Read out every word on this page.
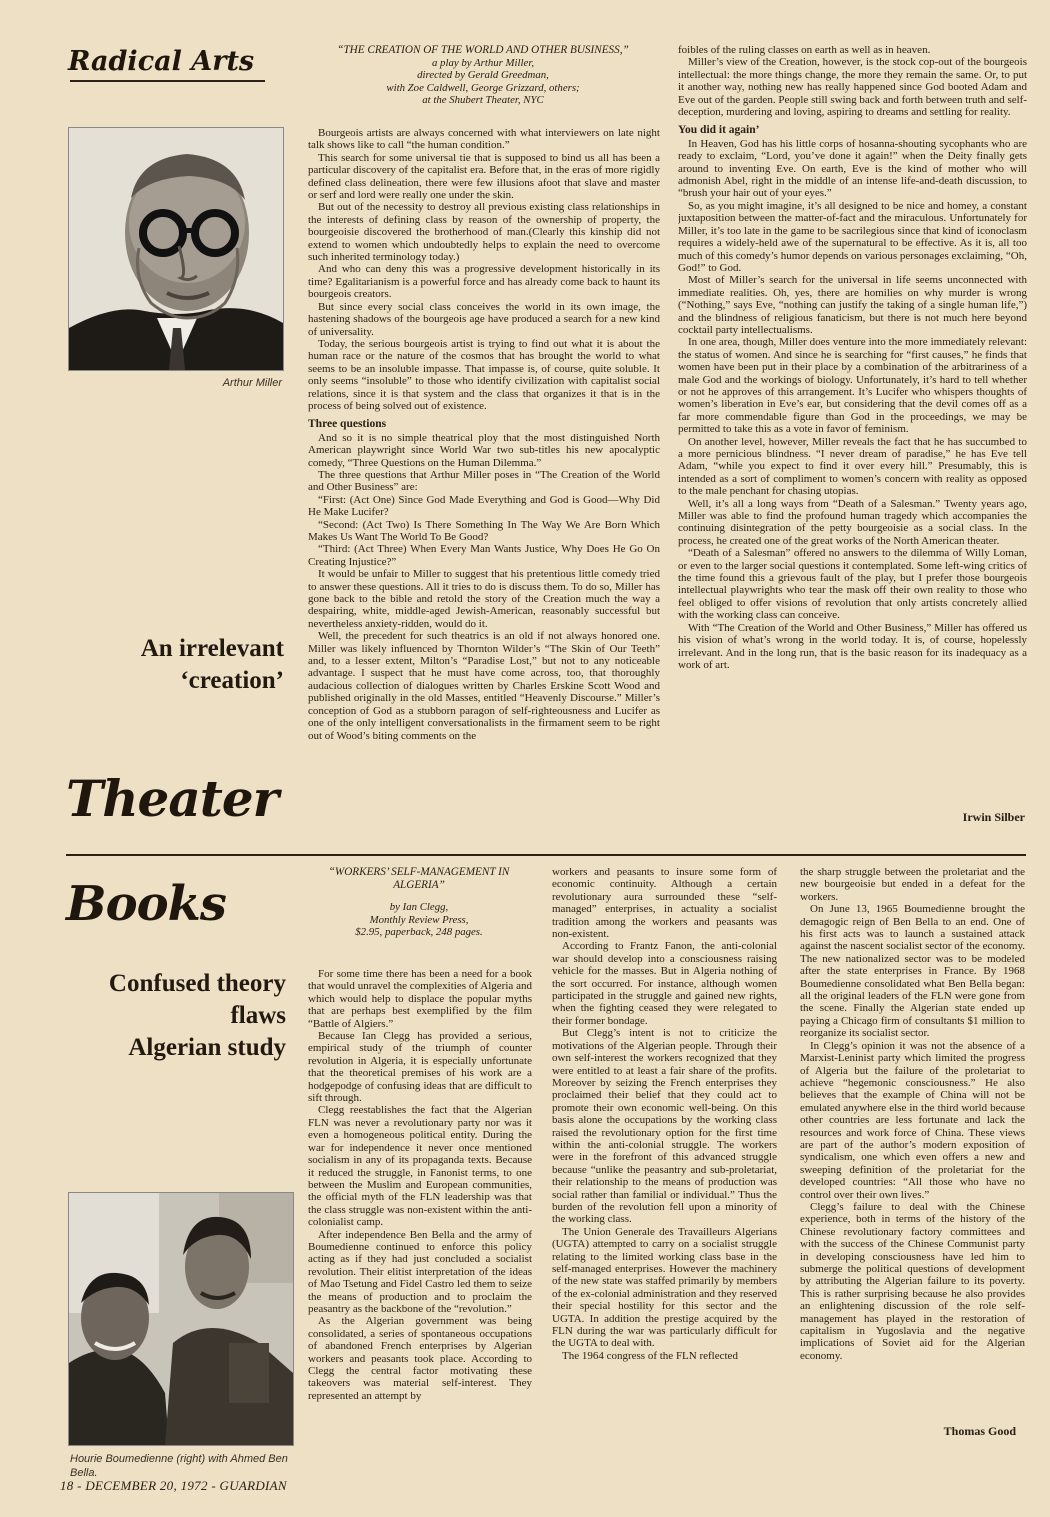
Radical Arts
Arthur Miller
An irrelevant
‘creation’
Theater
“THE CREATION OF THE WORLD AND OTHER BUSINESS,”
a play by Arthur Miller,
directed by Gerald Greedman,
with Zoe Caldwell, George Grizzard, others;
at the Shubert Theater, NYC

Bourgeois artists are always concerned with what interviewers on late night talk shows like to call “the human condition.”

This search for some universal tie that is supposed to bind us all has been a particular discovery of the capitalist era. Before that, in the eras of more rigidly defined class delineation, there were few illusions afoot that slave and master or serf and lord were really one under the skin.

But out of the necessity to destroy all previous existing class relationships in the interests of defining class by reason of the ownership of property, the bourgeoisie discovered the brotherhood of man.(Clearly this kinship did not extend to women which undoubtedly helps to explain the need to overcome such inherited terminology today.)

And who can deny this was a progressive development historically in its time? Egalitarianism is a powerful force and has already come back to haunt its bourgeois creators.

But since every social class conceives the world in its own image, the hastening shadows of the bourgeois age have produced a search for a new kind of universality.

Today, the serious bourgeois artist is trying to find out what it is about the human race or the nature of the cosmos that has brought the world to what seems to be an insoluble impasse. That impasse is, of course, quite soluble. It only seems “insoluble” to those who identify civilization with capitalist social relations, since it is that system and the class that organizes it that is in the process of being solved out of existence.

Three questions

And so it is no simple theatrical ploy that the most distinguished North American playwright since World War two sub-titles his new apocalyptic comedy, “Three Questions on the Human Dilemma.”

The three questions that Arthur Miller poses in “The Creation of the World and Other Business” are:

“First: (Act One) Since God Made Everything and God is Good—Why Did He Make Lucifer?

“Second: (Act Two) Is There Something In The Way We Are Born Which Makes Us Want The World To Be Good?

“Third: (Act Three) When Every Man Wants Justice, Why Does He Go On Creating Injustice?”

It would be unfair to Miller to suggest that his pretentious little comedy tried to answer these questions. All it tries to do is discuss them. To do so, Miller has gone back to the bible and retold the story of the Creation much the way a despairing, white, middle-aged Jewish-American, reasonably successful but nevertheless anxiety-ridden, would do it.

Well, the precedent for such theatrics is an old if not always honored one. Miller was likely influenced by Thornton Wilder’s “The Skin of Our Teeth” and, to a lesser extent, Milton’s “Paradise Lost,” but not to any noticeable advantage. I suspect that he must have come across, too, that thoroughly audacious collection of dialogues written by Charles Erskine Scott Wood and published originally in the old Masses, entitled “Heavenly Discourse.” Miller’s conception of God as a stubborn paragon of self-righteousness and Lucifer as one of the only intelligent conversationalists in the firmament seem to be right out of Wood’s biting comments on the

foibles of the ruling classes on earth as well as in heaven.

Miller’s view of the Creation, however, is the stock cop-out of the bourgeois intellectual: the more things change, the more they remain the same. Or, to put it another way, nothing new has really happened since God booted Adam and Eve out of the garden. People still swing back and forth between truth and self-deception, murdering and loving, aspiring to dreams and settling for reality.

You did it again’

In Heaven, God has his little corps of hosanna-shouting sycophants who are ready to exclaim, “Lord, you’ve done it again!” when the Deity finally gets around to inventing Eve. On earth, Eve is the kind of mother who will admonish Abel, right in the middle of an intense life-and-death discussion, to “brush your hair out of your eyes.”

So, as you might imagine, it’s all designed to be nice and homey, a constant juxtaposition between the matter-of-fact and the miraculous. Unfortunately for Miller, it’s too late in the game to be sacrilegious since that kind of iconoclasm requires a widely-held awe of the supernatural to be effective. As it is, all too much of this comedy’s humor depends on various personages exclaiming, “Oh, God!” to God.

Most of Miller’s search for the universal in life seems unconnected with immediate realities. Oh, yes, there are homilies on why murder is wrong (“Nothing,” says Eve, “nothing can justify the taking of a single human life,”) and the blindness of religious fanaticism, but there is not much here beyond cocktail party intellectualisms.

In one area, though, Miller does venture into the more immediately relevant: the status of women. And since he is searching for “first causes,” he finds that women have been put in their place by a combination of the arbitrariness of a male God and the workings of biology. Unfortunately, it’s hard to tell whether or not he approves of this arrangement. It’s Lucifer who whispers thoughts of women’s liberation in Eve’s ear, but considering that the devil comes off as a far more commendable figure than God in the proceedings, we may be permitted to take this as a vote in favor of feminism.

On another level, however, Miller reveals the fact that he has succumbed to a more pernicious blindness. “I never dream of paradise,” he has Eve tell Adam, “while you expect to find it over every hill.” Presumably, this is intended as a sort of compliment to women’s concern with reality as opposed to the male penchant for chasing utopias.

Well, it’s all a long ways from “Death of a Salesman.” Twenty years ago, Miller was able to find the profound human tragedy which accompanies the continuing disintegration of the petty bourgeoisie as a social class. In the process, he created one of the great works of the North American theater.

“Death of a Salesman” offered no answers to the dilemma of Willy Loman, or even to the larger social questions it contemplated. Some left-wing critics of the time found this a grievous fault of the play, but I prefer those bourgeois intellectual playwrights who tear the mask off their own reality to those who feel obliged to offer visions of revolution that only artists concretely allied with the working class can conceive.

With “The Creation of the World and Other Business,” Miller has offered us his vision of what’s wrong in the world today. It is, of course, hopelessly irrelevant. And in the long run, that is the basic reason for its inadequacy as a work of art.

Irwin Silber
Books
Confused theory
flaws
Algerian study
Hourie Boumedienne (right) with Ahmed Ben Bella.
“WORKERS’ SELF-MANAGEMENT IN ALGERIA”
by Ian Clegg,
Monthly Review Press,
$2.95, paperback, 248 pages.

For some time there has been a need for a book that would unravel the complexities of Algeria and which would help to displace the popular myths that are perhaps best exemplified by the film “Battle of Algiers.”

Because Ian Clegg has provided a serious, empirical study of the triumph of counter revolution in Algeria, it is especially unfortunate that the theoretical premises of his work are a hodgepodge of confusing ideas that are difficult to sift through.

Clegg reestablishes the fact that the Algerian FLN was never a revolutionary party nor was it even a homogeneous political entity. During the war for independence it never once mentioned socialism in any of its propaganda texts. Because it reduced the struggle, in Fanonist terms, to one between the Muslim and European communities, the official myth of the FLN leadership was that the class struggle was non-existent within the anti-colonialist camp.

After independence Ben Bella and the army of Boumedienne continued to enforce this policy acting as if they had just concluded a socialist revolution. Their elitist interpretation of the ideas of Mao Tsetung and Fidel Castro led them to seize the means of production and to proclaim the peasantry as the backbone of the “revolution.”

As the Algerian government was being consolidated, a series of spontaneous occupations of abandoned French enterprises by Algerian workers and peasants took place. According to Clegg the central factor motivating these takeovers was material self-interest. They represented an attempt by

workers and peasants to insure some form of economic continuity. Although a certain revolutionary aura surrounded these “self-managed” enterprises, in actuality a socialist tradition among the workers and peasants was non-existent.

According to Frantz Fanon, the anti-colonial war should develop into a consciousness raising vehicle for the masses. But in Algeria nothing of the sort occurred. For instance, although women participated in the struggle and gained new rights, when the fighting ceased they were relegated to their former bondage.

But Clegg’s intent is not to criticize the motivations of the Algerian people. Through their own self-interest the workers recognized that they were entitled to at least a fair share of the profits. Moreover by seizing the French enterprises they proclaimed their belief that they could act to promote their own economic well-being. On this basis alone the occupations by the working class raised the revolutionary option for the first time within the anti-colonial struggle. The workers were in the forefront of this advanced struggle because “unlike the peasantry and sub-proletariat, their relationship to the means of production was social rather than familial or individual.” Thus the burden of the revolution fell upon a minority of the working class.

The Union Generale des Travailleurs Algerians (UGTA) attempted to carry on a socialist struggle relating to the limited working class base in the self-managed enterprises. However the machinery of the new state was staffed primarily by members of the ex-colonial administration and they reserved their special hostility for this sector and the UGTA. In addition the prestige acquired by the FLN during the war was particularly difficult for the UGTA to deal with.

The 1964 congress of the FLN reflected

the sharp struggle between the proletariat and the new bourgeoisie but ended in a defeat for the workers.

On June 13, 1965 Boumedienne brought the demagogic reign of Ben Bella to an end. One of his first acts was to launch a sustained attack against the nascent socialist sector of the economy. The new nationalized sector was to be modeled after the state enterprises in France. By 1968 Boumedienne consolidated what Ben Bella began: all the original leaders of the FLN were gone from the scene. Finally the Algerian state ended up paying a Chicago firm of consultants $1 million to reorganize its socialist sector.

In Clegg’s opinion it was not the absence of a Marxist-Leninist party which limited the progress of Algeria but the failure of the proletariat to achieve “hegemonic consciousness.” He also believes that the example of China will not be emulated anywhere else in the third world because other countries are less fortunate and lack the resources and work force of China. These views are part of the author’s modern exposition of syndicalism, one which even offers a new and sweeping definition of the proletariat for the developed countries: “All those who have no control over their own lives.”

Clegg’s failure to deal with the Chinese experience, both in terms of the history of the Chinese revolutionary factory committees and with the success of the Chinese Communist party in developing consciousness have led him to submerge the political questions of development by attributing the Algerian failure to its poverty. This is rather surprising because he also provides an enlightening discussion of the role self-management has played in the restoration of capitalism in Yugoslavia and the negative implications of Soviet aid for the Algerian economy.

Thomas Good
18 - DECEMBER 20, 1972 - GUARDIAN
